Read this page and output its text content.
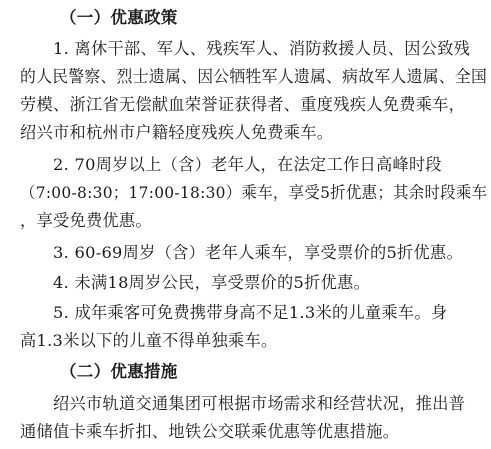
（一）优惠政策
1. 离休干部、军人、残疾军人、消防救援人员、因公致残
的人民警察、烈士遗属、因公牺牲军人遗属、病故军人遗属、全国
劳模、浙江省无偿献血荣誉证获得者、重度残疾人免费乘车，
绍兴市和杭州市户籍轻度残疾人免费乘车。
2. 70周岁以上（含）老年人，在法定工作日高峰时段
（7:00-8:30；17:00-18:30）乘车，享受5折优惠；其余时段乘车
，享受免费优惠。
3. 60-69周岁（含）老年人乘车，享受票价的5折优惠。
4. 未满18周岁公民，享受票价的5折优惠。
5. 成年乘客可免费携带身高不足1.3米的儿童乘车。身
高1.3米以下的儿童不得单独乘车。
（二）优惠措施
绍兴市轨道交通集团可根据市场需求和经营状况，推出普
通储值卡乘车折扣、地铁公交联乘优惠等优惠措施。
